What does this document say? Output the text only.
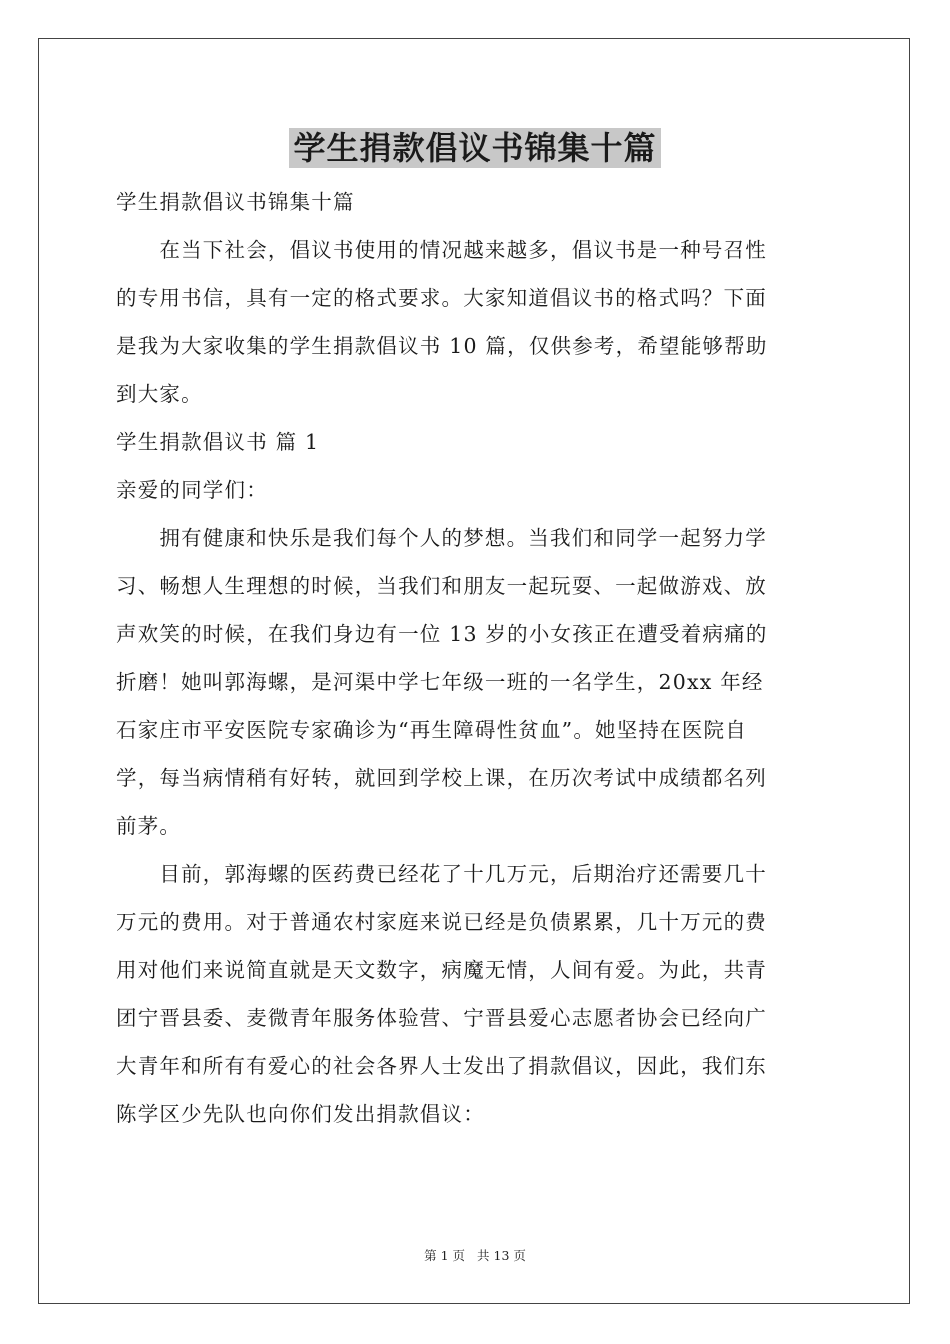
学生捐款倡议书锦集十篇
学生捐款倡议书锦集十篇
　　在当下社会，倡议书使用的情况越来越多，倡议书是一种号召性
的专用书信，具有一定的格式要求。大家知道倡议书的格式吗？下面
是我为大家收集的学生捐款倡议书 10 篇，仅供参考，希望能够帮助
到大家。
学生捐款倡议书 篇 1
亲爱的同学们：
　　拥有健康和快乐是我们每个人的梦想。当我们和同学一起努力学
习、畅想人生理想的时候，当我们和朋友一起玩耍、一起做游戏、放
声欢笑的时候，在我们身边有一位 13 岁的小女孩正在遭受着病痛的
折磨！她叫郭海螺，是河渠中学七年级一班的一名学生，20xx 年经
石家庄市平安医院专家确诊为“再生障碍性贫血”。她坚持在医院自
学，每当病情稍有好转，就回到学校上课，在历次考试中成绩都名列
前茅。
　　目前，郭海螺的医药费已经花了十几万元，后期治疗还需要几十
万元的费用。对于普通农村家庭来说已经是负债累累，几十万元的费
用对他们来说简直就是天文数字，病魔无情，人间有爱。为此，共青
团宁晋县委、麦微青年服务体验营、宁晋县爱心志愿者协会已经向广
大青年和所有有爱心的社会各界人士发出了捐款倡议，因此，我们东
陈学区少先队也向你们发出捐款倡议：
第 1 页 共 13 页
